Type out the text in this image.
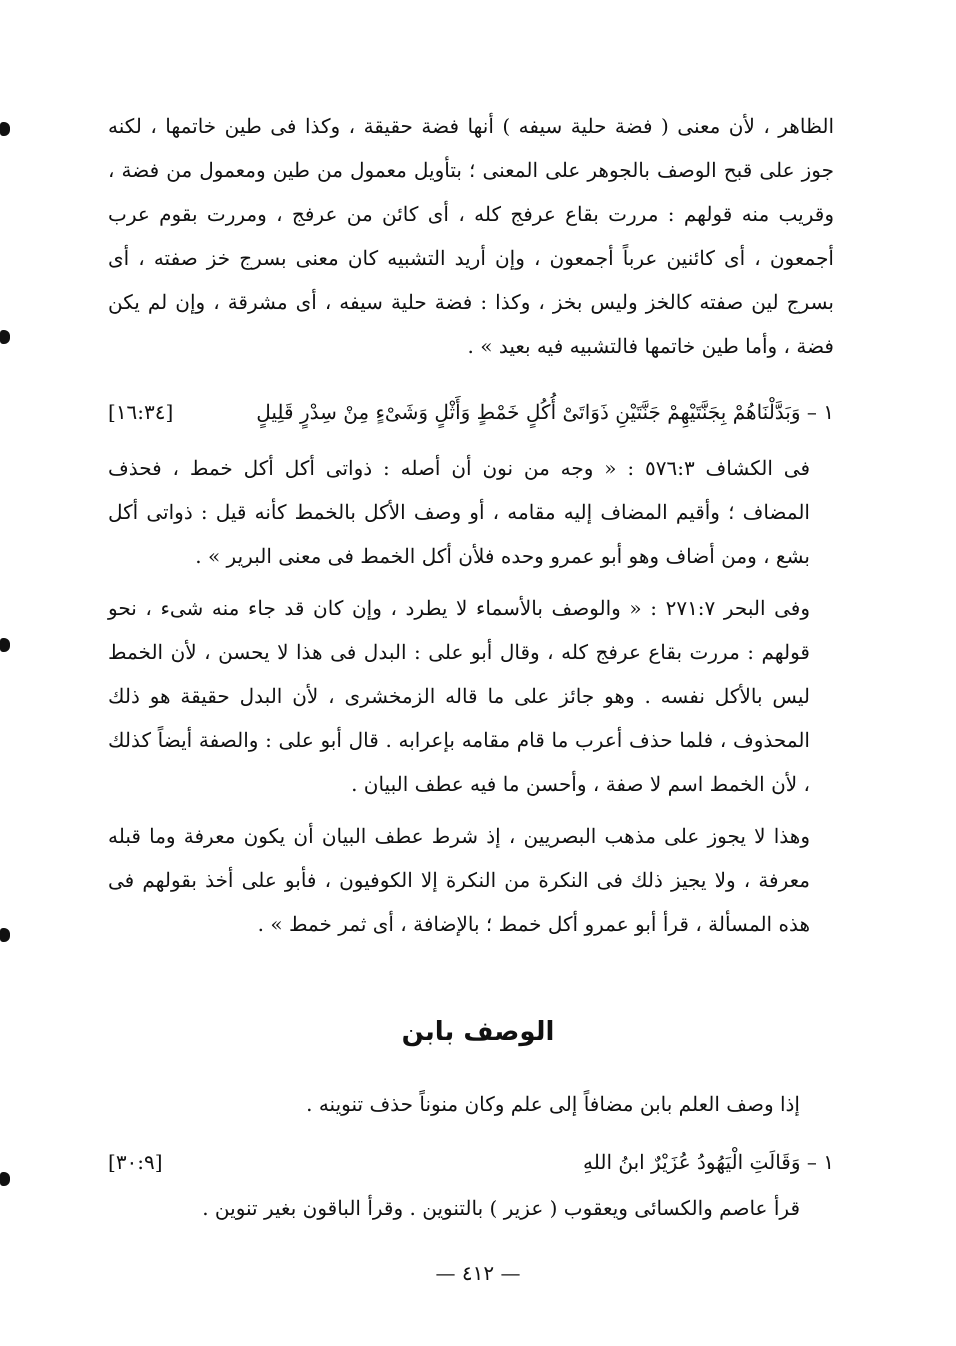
الظاهر ، لأن معنى ( فضة حلية سيفه ) أنها فضة حقيقة ، وكذا فى طين خاتمها ، لكنه جوز على قبح الوصف بالجوهر على المعنى ؛ بتأويل معمول من طين ومعمول من فضة ، وقريب منه قولهم : مررت بقاع عرفج كله ، أى كائن من عرفج ، ومررت بقوم عرب أجمعون ، أى كائنين عرباً أجمعون ، وإن أريد التشبيه كان معنى بسرج خز صفته ، أى بسرج لين صفته كالخز وليس بخز ، وكذا : فضة حلية سيفه ، أى مشرقة ، وإن لم يكن فضة ، وأما طين خاتمها فالتشبيه فيه بعيد » .

١ – وَبَدَّلْنَاهُمْ بِجَنَّتَيْهِمْ جَنَّتَيْنِ ذَوَاتَىْ أُكُلٍ خَمْطٍ وَأَثْلٍ وَشَىْءٍ مِنْ سِدْرٍ قَلِيلٍ
[١٦:٣٤]

فى الكشاف ٥٧٦:٣ : « وجه من نون أن أصله : ذواتى أكل أكل خمط ، فحذف المضاف ؛ وأقيم المضاف إليه مقامه ، أو وصف الأكل بالخمط كأنه قيل : ذواتى أكل بشع ، ومن أضاف وهو أبو عمرو وحده فلأن أكل الخمط فى معنى البرير » .

وفى البحر ٢٧١:٧ : « والوصف بالأسماء لا يطرد ، وإن كان قد جاء منه شىء ، نحو قولهم : مررت بقاع عرفج كله ، وقال أبو على : البدل فى هذا لا يحسن ، لأن الخمط ليس بالأكل نفسه . وهو جائز على ما قاله الزمخشرى ، لأن البدل حقيقة هو ذلك المحذوف ، فلما حذف أعرب ما قام مقامه بإعرابه . قال أبو على : والصفة أيضاً كذلك ، لأن الخمط اسم لا صفة ، وأحسن ما فيه عطف البيان .

وهذا لا يجوز على مذهب البصريين ، إذ شرط عطف البيان أن يكون معرفة وما قبله معرفة ، ولا يجيز ذلك فى النكرة من النكرة إلا الكوفيون ، فأبو على أخذ بقولهم فى هذه المسألة ، قرأ أبو عمرو أكل خمط ؛ بالإضافة ، أى ثمر خمط » .

الوصف بابن

إذا وصف العلم بابن مضافاً إلى علم وكان منوناً حذف تنوينه .

١ – وَقَالَتِ الْيَهُودُ عُزَيْرٌ ابنُ اللهِ
[٣٠:٩]

قرأ عاصم والكسائى ويعقوب ( عزير ) بالتنوين . وقرأ الباقون بغير تنوين .

— ٤١٢ —
